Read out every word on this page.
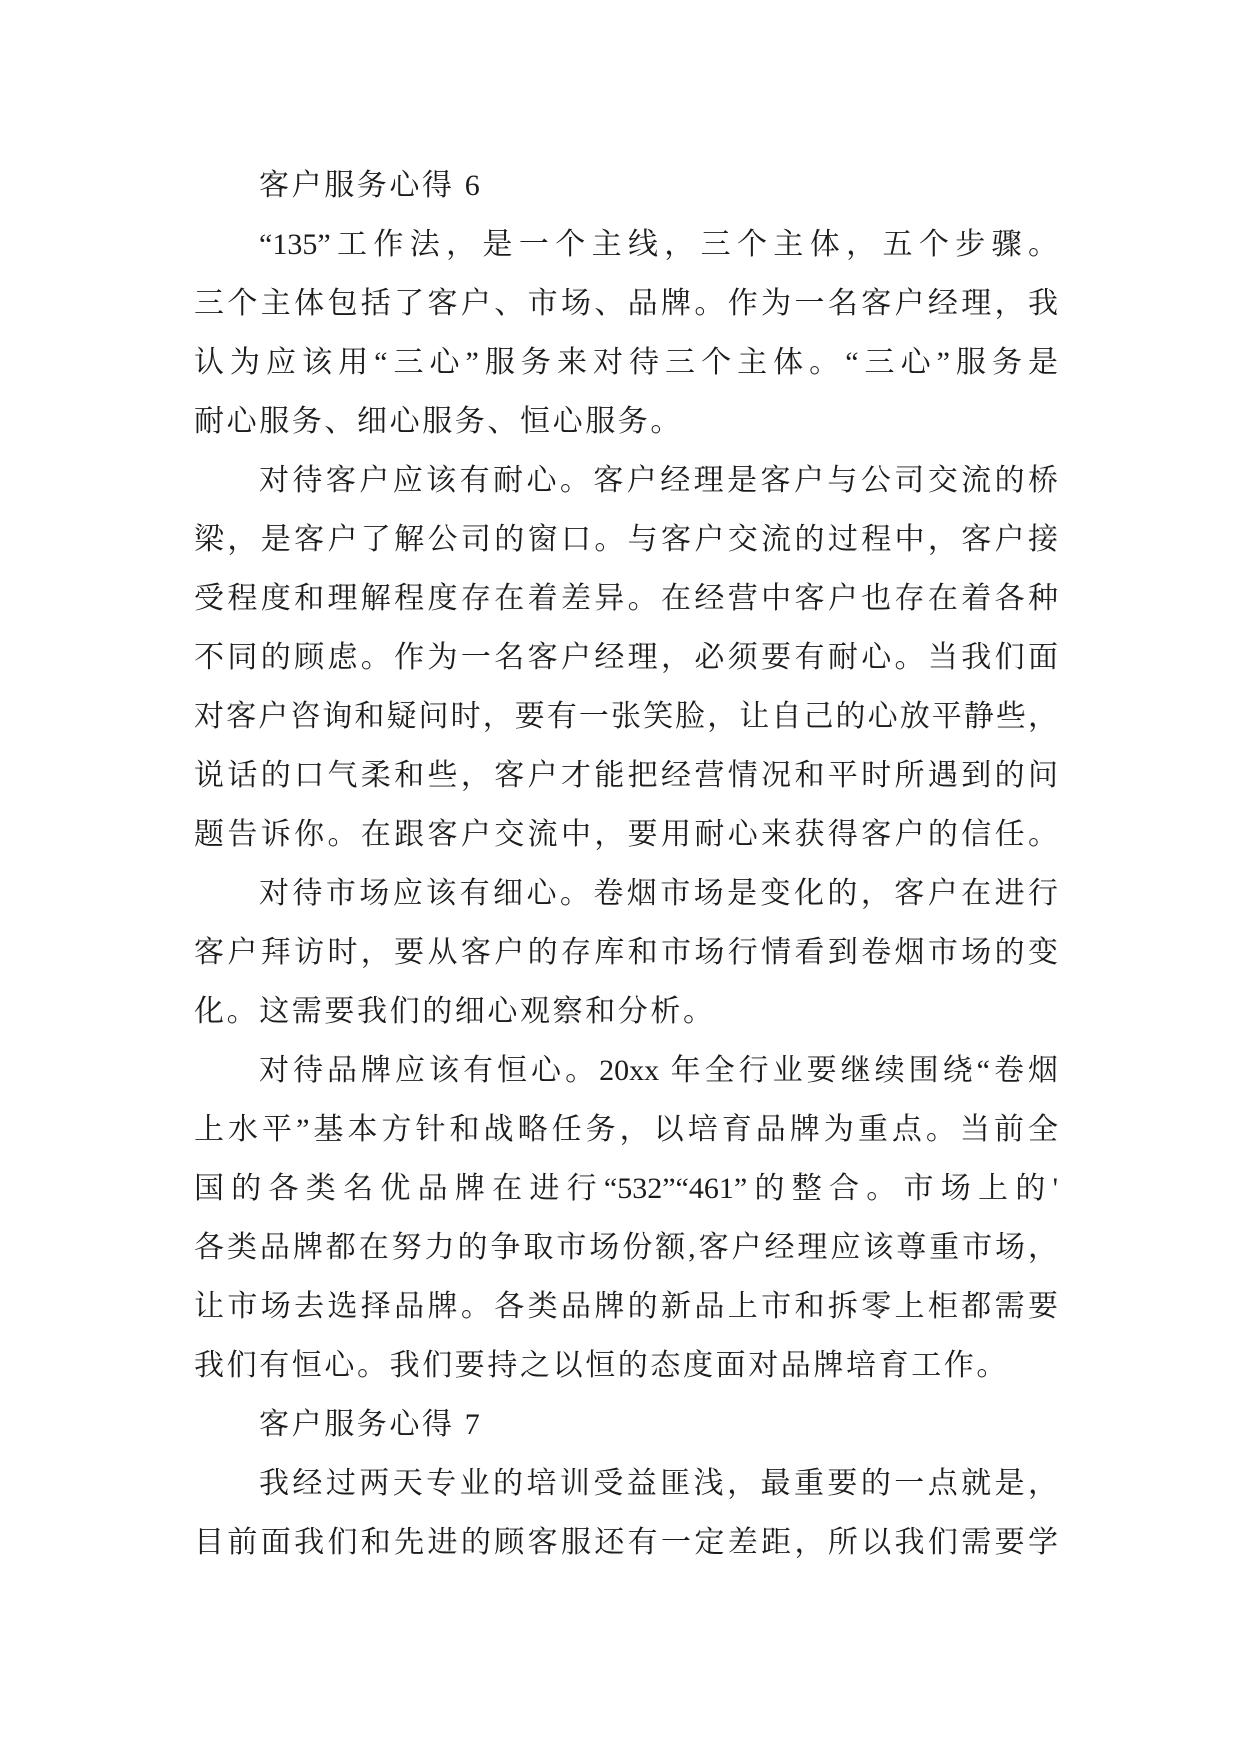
客户服务心得 6
“135”工作法，是一个主线，三个主体，五个步骤。
三个主体包括了客户、市场、品牌。作为一名客户经理，我
认为应该用“三心”服务来对待三个主体。“三心”服务是
耐心服务、细心服务、恒心服务。
对待客户应该有耐心。客户经理是客户与公司交流的桥
梁，是客户了解公司的窗口。与客户交流的过程中，客户接
受程度和理解程度存在着差异。在经营中客户也存在着各种
不同的顾虑。作为一名客户经理，必须要有耐心。当我们面
对客户咨询和疑问时，要有一张笑脸，让自己的心放平静些，
说话的口气柔和些，客户才能把经营情况和平时所遇到的问
题告诉你。在跟客户交流中，要用耐心来获得客户的信任。
对待市场应该有细心。卷烟市场是变化的，客户在进行
客户拜访时，要从客户的存库和市场行情看到卷烟市场的变
化。这需要我们的细心观察和分析。
对待品牌应该有恒心。20xx 年全行业要继续围绕“卷烟
上水平”基本方针和战略任务，以培育品牌为重点。当前全
国的各类名优品牌在进行“532”“461”的整合。市场上的'
各类品牌都在努力的争取市场份额,客户经理应该尊重市场，
让市场去选择品牌。各类品牌的新品上市和拆零上柜都需要
我们有恒心。我们要持之以恒的态度面对品牌培育工作。
客户服务心得 7
我经过两天专业的培训受益匪浅，最重要的一点就是，
目前面我们和先进的顾客服还有一定差距，所以我们需要学
